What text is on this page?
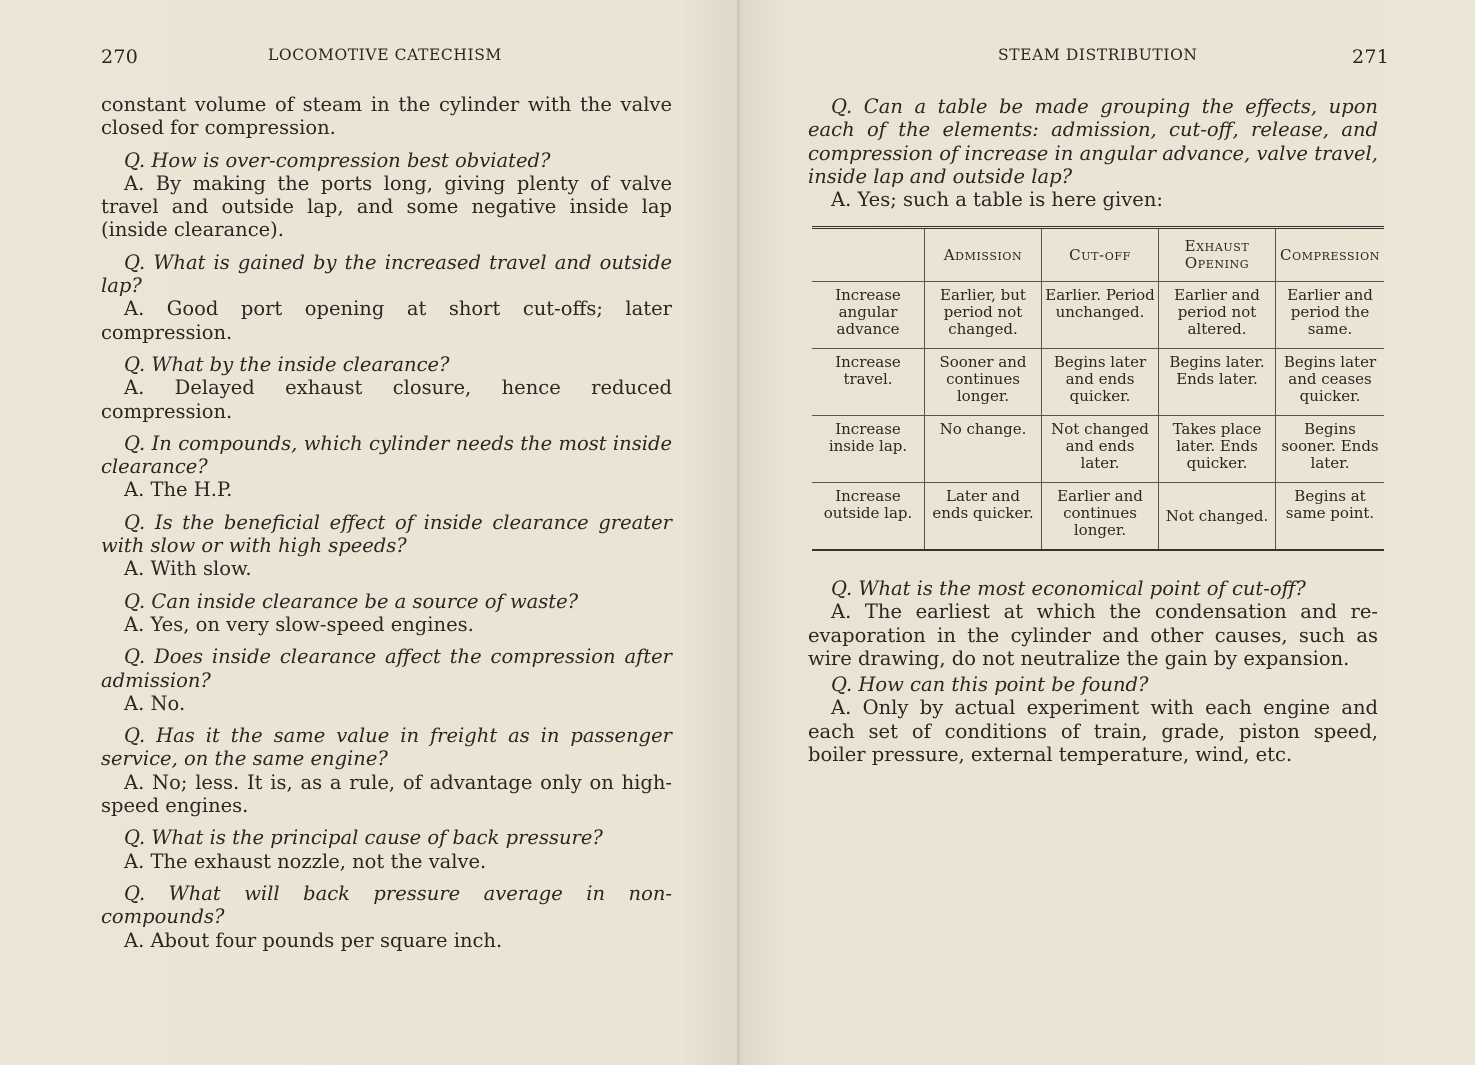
270	LOCOMOTIVE CATECHISM	STEAM DISTRIBUTION	271

constant volume of steam in the cylinder with the valve closed for compression.

Q. How is over-compression best obviated?
A. By making the ports long, giving plenty of valve travel and outside lap, and some negative inside lap (inside clearance).

Q. What is gained by the increased travel and outside lap?
A. Good port opening at short cut-offs; later compression.

Q. What by the inside clearance?
A. Delayed exhaust closure, hence reduced compression.

Q. In compounds, which cylinder needs the most inside clearance?
A. The H.P.

Q. Is the beneficial effect of inside clearance greater with slow or with high speeds?
A. With slow.

Q. Can inside clearance be a source of waste?
A. Yes, on very slow-speed engines.

Q. Does inside clearance affect the compression after admission?
A. No.

Q. Has it the same value in freight as in passenger service, on the same engine?
A. No; less. It is, as a rule, of advantage only on high-speed engines.

Q. What is the principal cause of back pressure?
A. The exhaust nozzle, not the valve.

Q. What will back pressure average in non-compounds?
A. About four pounds per square inch.

Q. Can a table be made grouping the effects, upon each of the elements: admission, cut-off, release, and compression of increase in angular advance, valve travel, inside lap and outside lap?
A. Yes; such a table is here given:

	Admission	Cut-off	Exhaust Opening	Compression
Increase angular advance	Earlier, but period not changed.	Earlier. Period unchanged.	Earlier and period not altered.	Earlier and period the same.
Increase travel.	Sooner and continues longer.	Begins later and ends quicker.	Begins later. Ends later.	Begins later and ceases quicker.
Increase inside lap.	No change.	Not changed and ends later.	Takes place later. Ends quicker.	Begins sooner. Ends later.
Increase outside lap.	Later and ends quicker.	Earlier and continues longer.	Not changed.	Begins at same point.

Q. What is the most economical point of cut-off?
A. The earliest at which the condensation and re-evaporation in the cylinder and other causes, such as wire drawing, do not neutralize the gain by expansion.

Q. How can this point be found?
A. Only by actual experiment with each engine and each set of conditions of train, grade, piston speed, boiler pressure, external temperature, wind, etc.
